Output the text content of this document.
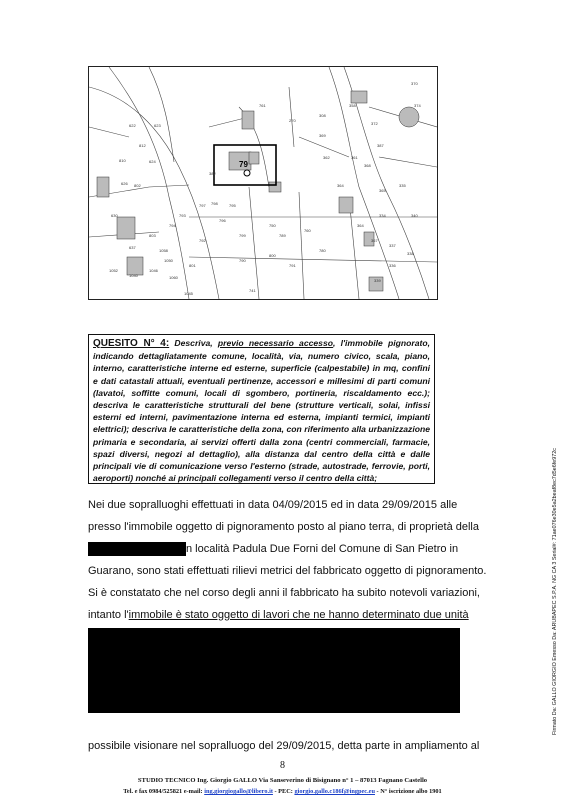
79
370
374
372
369
362	361
365
364
364
367
339
338
337
335
334
336
340
797 798
799
800
801
803
796
793
795
792
790
794
789
791
802
810
812
622	623
624
626
630
637
1040
1058
1060
1045
1046
1050
1052
741
760
780
750
761
270
308
358
387
368
382
QUESITO N° 4: Descriva, previo necessario accesso, l'immobile pignorato, indicando dettagliatamente comune, località, via, numero civico, scala, piano, interno, caratteristiche interne ed esterne, superficie (calpestabile) in mq, confini e dati catastali attuali, eventuali pertinenze, accessori e millesimi di parti comuni (lavatoi, soffitte comuni, locali di sgombero, portineria, riscaldamento ecc.); descriva le caratteristiche strutturali del bene (strutture verticali, solai, infissi esterni ed interni, pavimentazione interna ed esterna, impianti termici, impianti elettrici); descriva le caratteristiche della zona, con riferimento alla urbanizzazione primaria e secondaria, ai servizi offerti dalla zona (centri commerciali, farmacie, spazi diversi, negozi al dettaglio), alla distanza dal centro della città e dalle principali vie di comunicazione verso l'esterno (strade, autostrade, ferrovie, porti, aeroporti) nonché ai principali collegamenti verso il centro della città;
Nei due sopralluoghi effettuati in data 04/09/2015 ed in data 29/09/2015 alle
presso l'immobile oggetto di pignoramento posto al piano terra, di proprietà della
n località Padula Due Forni del Comune di San Pietro in
Guarano, sono stati effettuati rilievi metrici del fabbricato oggetto di pignoramento.
Si è constatato che nel corso degli anni il fabbricato ha subito notevoli variazioni,
intanto l'immobile è stato oggetto di lavori che ne hanno determinato due unità
possibile visionare nel sopralluogo del 29/09/2015, detta parte in ampliamento al
8
STUDIO TECNICO Ing. Giorgio GALLO Via Sanseverino di Bisignano n° 1 – 87013 Fagnano Castello
Tel. e fax 0984/525821 e-mail: ing.giorgiogallo@libero.it - PEC: giorgio.gallo.c186f@ingpec.eu - N° iscrizione albo 1901
Firmato Da: GALLO GIORGIO Emesso Da: ARUBAPEC S.P.A. NG CA 3 Serial#: 71ae076e30e5a2beaf8ec7d5e6fe972c
